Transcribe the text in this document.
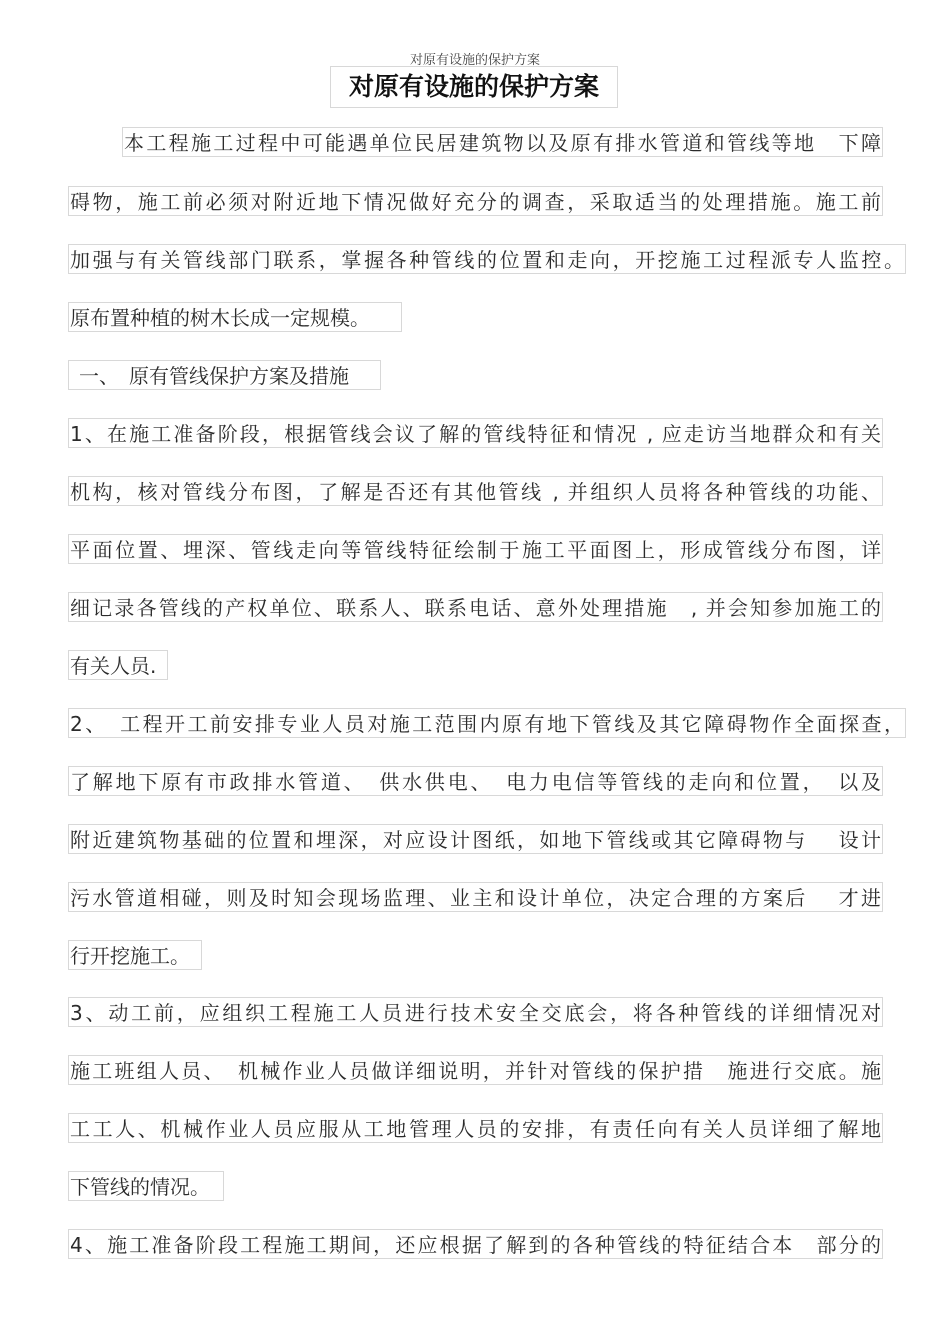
对原有设施的保护方案
对原有设施的保护方案
本工程施工过程中可能遇单位民居建筑物以及原有排水管道和管线等地　下障
碍物，施工前必须对附近地下情况做好充分的调查，采取适当的处理措施。施工前
加强与有关管线部门联系，掌握各种管线的位置和走向，开挖施工过程派专人监控。
原布置种植的树木长成一定规模。
一、　原有管线保护方案及措施
1、在施工准备阶段，根据管线会议了解的管线特征和情况 , 应走访当地群众和有关
机构，核对管线分布图，了解是否还有其他管线 , 并组织人员将各种管线的功能、
平面位置、埋深、管线走向等管线特征绘制于施工平面图上，形成管线分布图，详
细记录各管线的产权单位、联系人、联系电话、意外处理措施　, 并会知参加施工的
有关人员.
2、　工程开工前安排专业人员对施工范围内原有地下管线及其它障碍物作全面探查，
了解地下原有市政排水管道、　供水供电、　电力电信等管线的走向和位置，　以及
附近建筑物基础的位置和埋深，对应设计图纸，如地下管线或其它障碍物与　 设计
污水管道相碰，则及时知会现场监理、业主和设计单位，决定合理的方案后　 才进
行开挖施工。
3、动工前，应组织工程施工人员进行技术安全交底会，将各种管线的详细情况对
施工班组人员、　机械作业人员做详细说明，并针对管线的保护措　施进行交底。施
工工人、机械作业人员应服从工地管理人员的安排，有责任向有关人员详细了解地
下管线的情况。
4、施工准备阶段工程施工期间，还应根据了解到的各种管线的特征结合本　部分的
